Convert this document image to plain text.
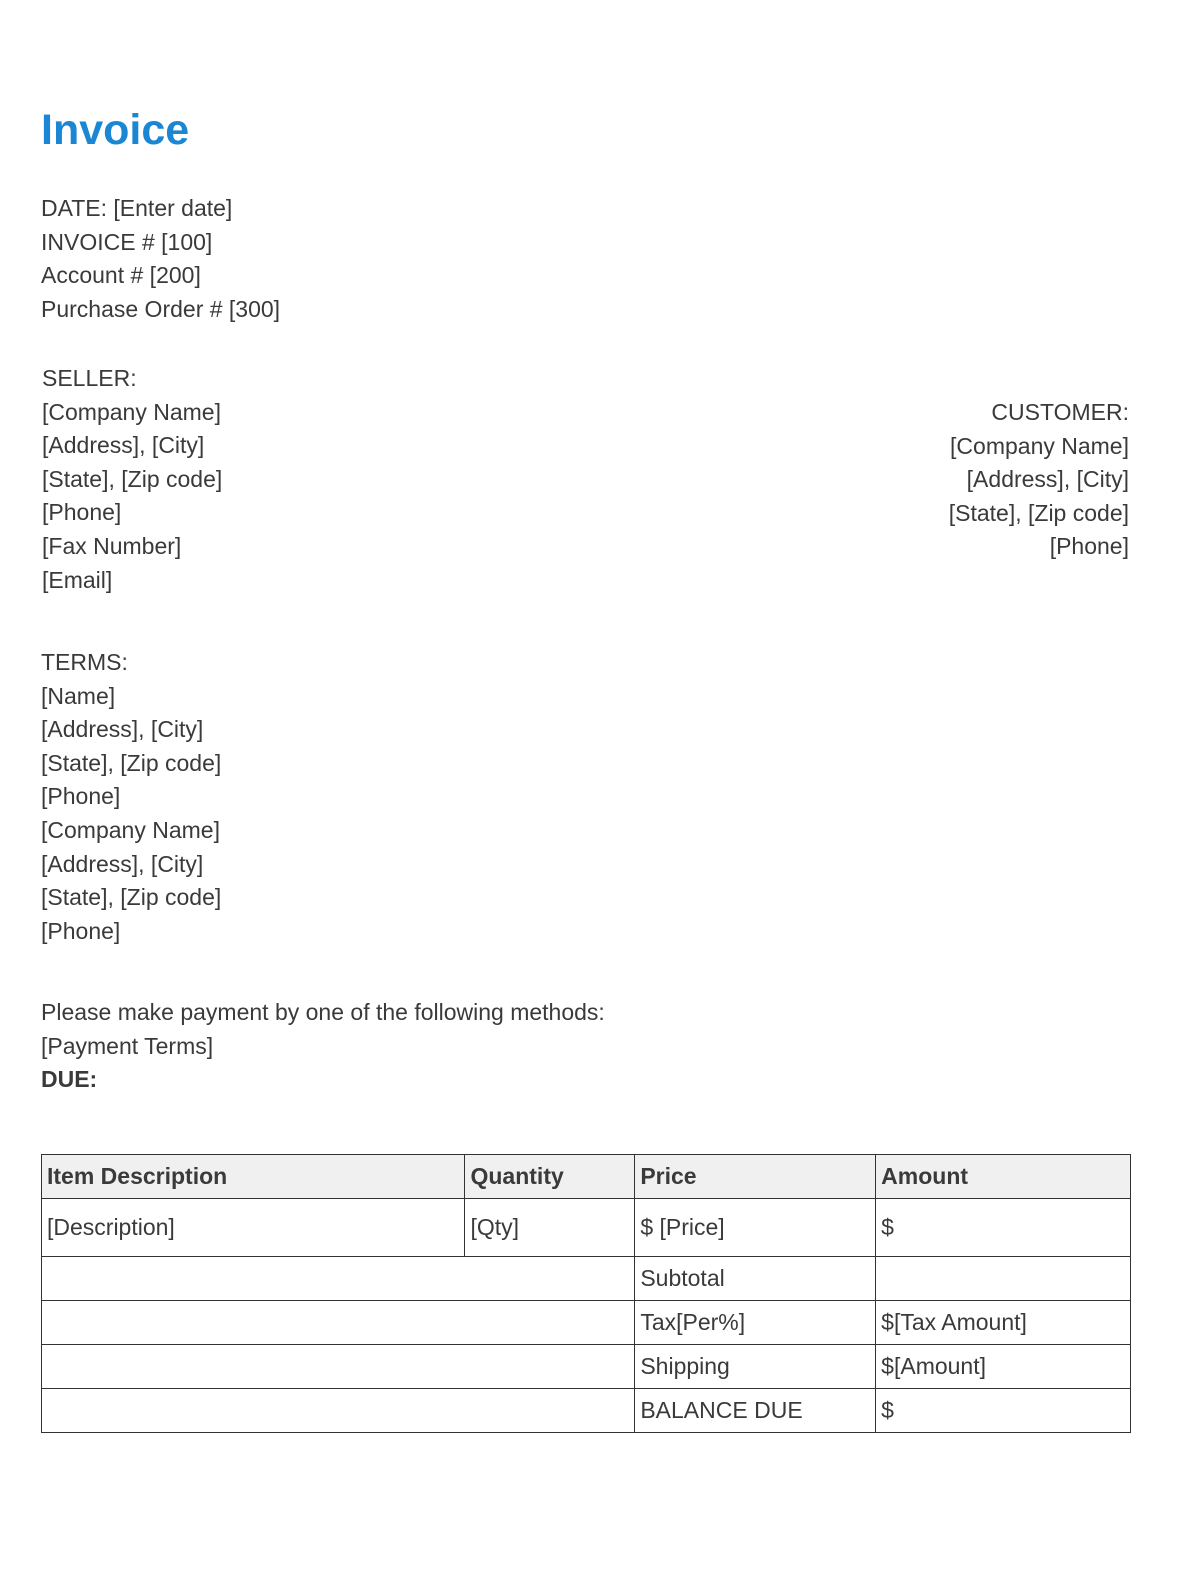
Invoice
DATE: [Enter date]
INVOICE # [100]
Account # [200]
Purchase Order # [300]
SELLER:
[Company Name]
[Address], [City]
[State], [Zip code]
[Phone]
[Fax Number]
[Email]
CUSTOMER:
[Company Name]
[Address], [City]
[State], [Zip code]
[Phone]
TERMS:
[Name]
[Address], [City]
[State], [Zip code]
[Phone]
[Company Name]
[Address], [City]
[State], [Zip code]
[Phone]
Please make payment by one of the following methods:
[Payment Terms]
DUE:
Item Description	Quantity	Price	Amount
[Description]	[Qty]	$ [Price]	$
		Subtotal	
		Tax[Per%]	$[Tax Amount]
		Shipping	$[Amount]
		BALANCE DUE	$
